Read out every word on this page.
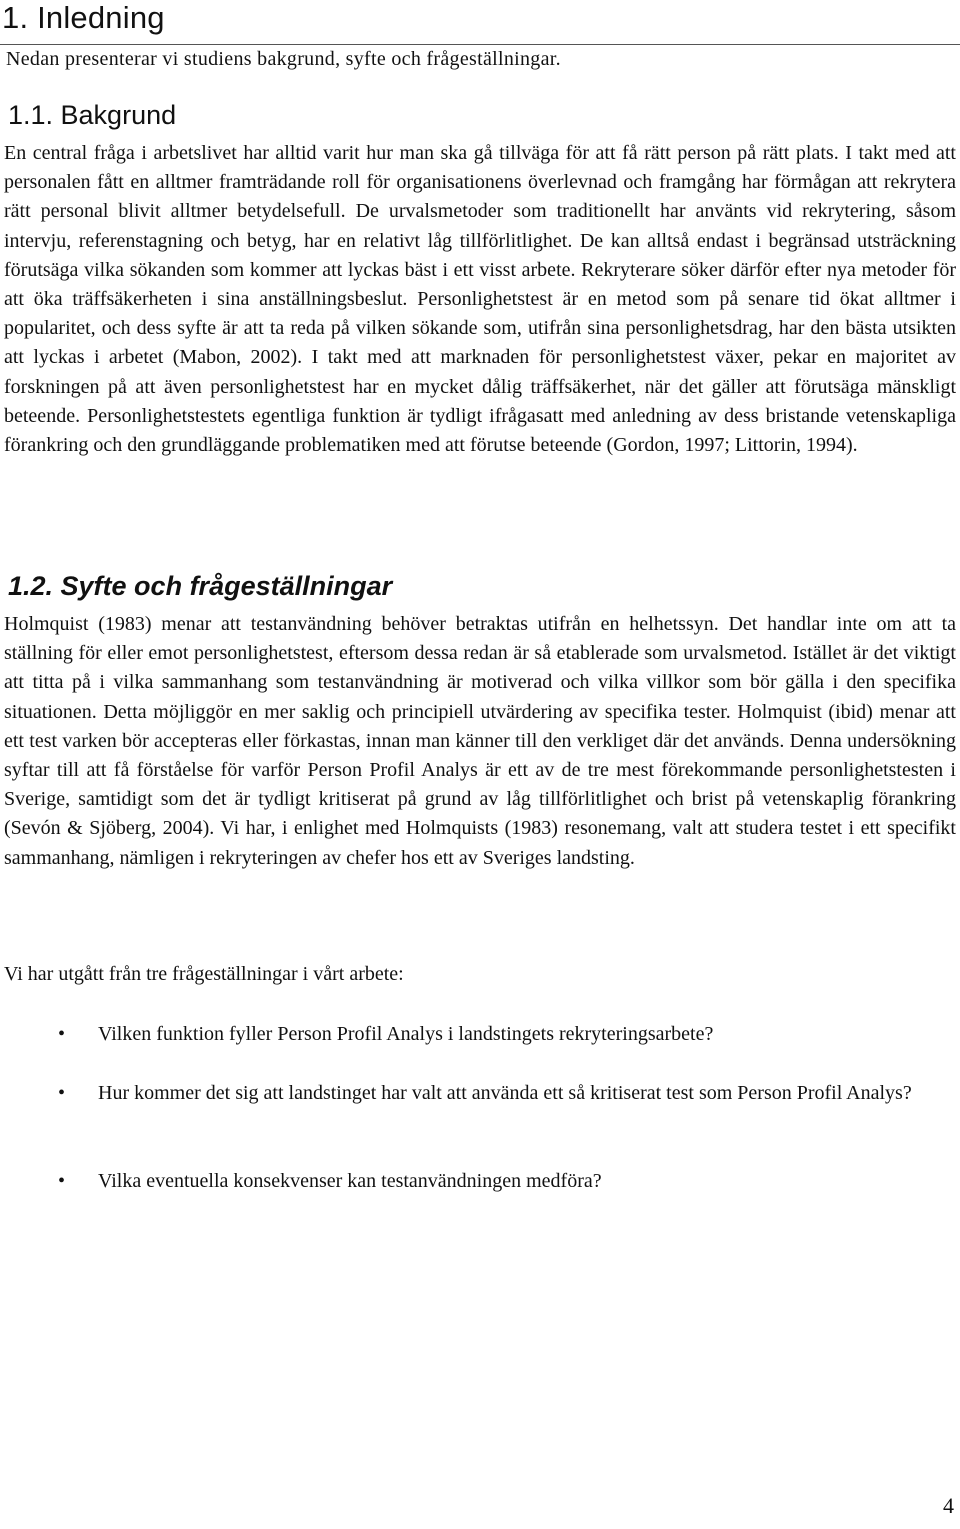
1. Inledning
Nedan presenterar vi studiens bakgrund, syfte och frågeställningar.
1.1. Bakgrund

En central fråga i arbetslivet har alltid varit hur man ska gå tillväga för att få rätt person på rätt plats. I takt med att personalen fått en alltmer framträdande roll för organisationens överlevnad och framgång har förmågan att rekrytera rätt personal blivit alltmer betydelsefull. De urvalsmetoder som traditionellt har använts vid rekrytering, såsom intervju, referenstagning och betyg, har en relativt låg tillförlitlighet. De kan alltså endast i begränsad utsträckning förutsäga vilka sökanden som kommer att lyckas bäst i ett visst arbete. Rekryterare söker därför efter nya metoder för att öka träffsäkerheten i sina anställningsbeslut. Personlighetstest är en metod som på senare tid ökat alltmer i popularitet, och dess syfte är att ta reda på vilken sökande som, utifrån sina personlighetsdrag, har den bästa utsikten att lyckas i arbetet (Mabon, 2002). I takt med att marknaden för personlighetstest växer, pekar en majoritet av forskningen på att även personlighetstest har en mycket dålig träffsäkerhet, när det gäller att förutsäga mänskligt beteende. Personlighetstestets egentliga funktion är tydligt ifrågasatt med anledning av dess bristande vetenskapliga förankring och den grundläggande problematiken med att förutse beteende (Gordon, 1997; Littorin, 1994).

1.2. Syfte och frågeställningar

Holmquist (1983) menar att testanvändning behöver betraktas utifrån en helhetssyn. Det handlar inte om att ta ställning för eller emot personlighetstest, eftersom dessa redan är så etablerade som urvalsmetod. Istället är det viktigt att titta på i vilka sammanhang som testanvändning är motiverad och vilka villkor som bör gälla i den specifika situationen. Detta möjliggör en mer saklig och principiell utvärdering av specifika tester. Holmquist (ibid) menar att ett test varken bör accepteras eller förkastas, innan man känner till den verkliget där det används. Denna undersökning syftar till att få förståelse för varför Person Profil Analys är ett av de tre mest förekommande personlighetstesten i Sverige, samtidigt som det är tydligt kritiserat på grund av låg tillförlitlighet och brist på vetenskaplig förankring (Sevón & Sjöberg, 2004). Vi har, i enlighet med Holmquists (1983) resonemang, valt att studera testet i ett specifikt sammanhang, nämligen i rekryteringen av chefer hos ett av Sveriges landsting.

Vi har utgått från tre frågeställningar i vårt arbete:

• Vilken funktion fyller Person Profil Analys i landstingets rekryteringsarbete?
• Hur kommer det sig att landstinget har valt att använda ett så kritiserat test som Person Profil Analys?
• Vilka eventuella konsekvenser kan testanvändningen medföra?
4
